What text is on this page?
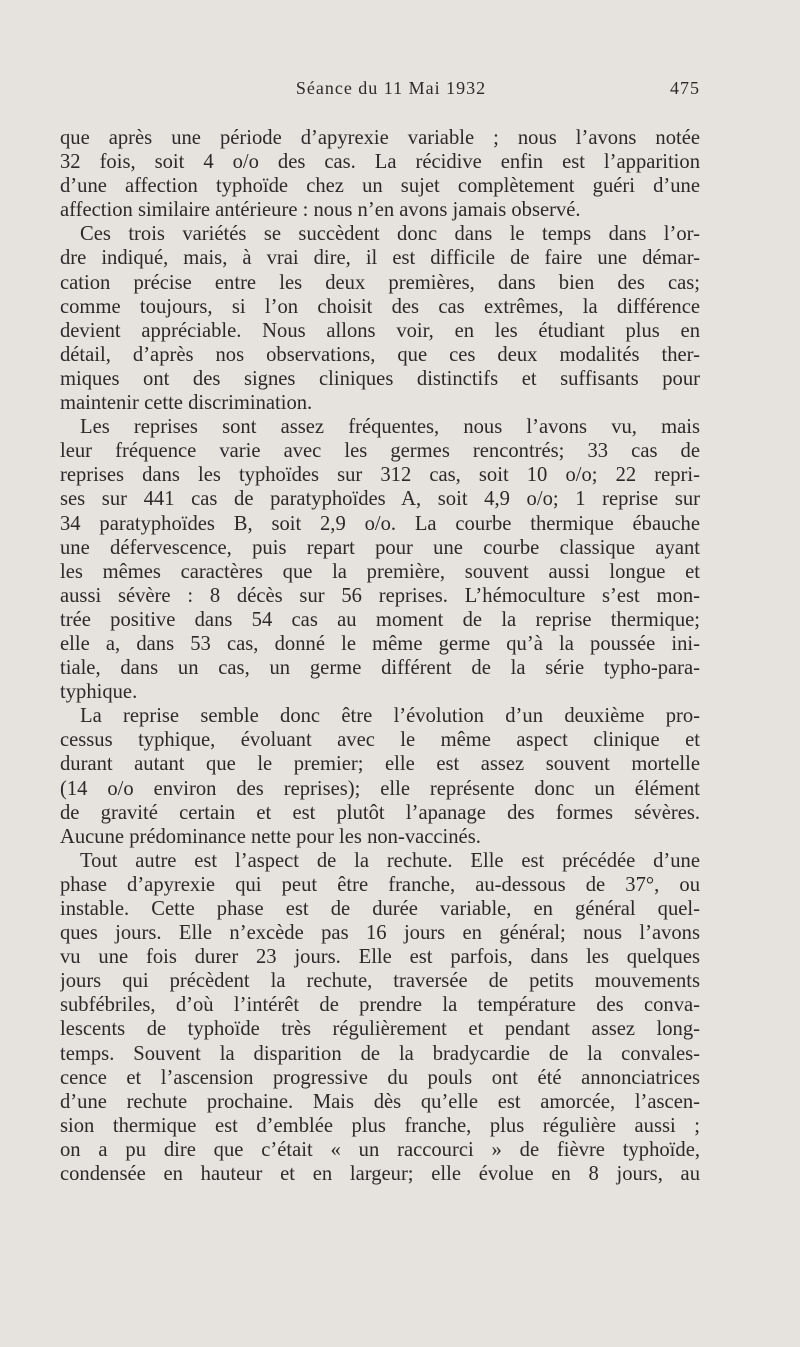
Séance du 11 Mai 1932	475
que après une période d’apyrexie variable ; nous l’avons notée
32 fois, soit 4 o/o des cas. La récidive enfin est l’apparition
d’une affection typhoïde chez un sujet complètement guéri d’une
affection similaire antérieure : nous n’en avons jamais observé.
Ces trois variétés se succèdent donc dans le temps dans l’or-
dre indiqué, mais, à vrai dire, il est difficile de faire une démar-
cation précise entre les deux premières, dans bien des cas;
comme toujours, si l’on choisit des cas extrêmes, la différence
devient appréciable. Nous allons voir, en les étudiant plus en
détail, d’après nos observations, que ces deux modalités ther-
miques ont des signes cliniques distinctifs et suffisants pour
maintenir cette discrimination.
Les reprises sont assez fréquentes, nous l’avons vu, mais
leur fréquence varie avec les germes rencontrés; 33 cas de
reprises dans les typhoïdes sur 312 cas, soit 10 o/o; 22 repri-
ses sur 441 cas de paratyphoïdes A, soit 4,9 o/o; 1 reprise sur
34 paratyphoïdes B, soit 2,9 o/o. La courbe thermique ébauche
une défervescence, puis repart pour une courbe classique ayant
les mêmes caractères que la première, souvent aussi longue et
aussi sévère : 8 décès sur 56 reprises. L’hémoculture s’est mon-
trée positive dans 54 cas au moment de la reprise thermique;
elle a, dans 53 cas, donné le même germe qu’à la poussée ini-
tiale, dans un cas, un germe différent de la série typho-para-
typhique.
La reprise semble donc être l’évolution d’un deuxième pro-
cessus typhique, évoluant avec le même aspect clinique et
durant autant que le premier; elle est assez souvent mortelle
(14 o/o environ des reprises); elle représente donc un élément
de gravité certain et est plutôt l’apanage des formes sévères.
Aucune prédominance nette pour les non-vaccinés.
Tout autre est l’aspect de la rechute. Elle est précédée d’une
phase d’apyrexie qui peut être franche, au-dessous de 37°, ou
instable. Cette phase est de durée variable, en général quel-
ques jours. Elle n’excède pas 16 jours en général; nous l’avons
vu une fois durer 23 jours. Elle est parfois, dans les quelques
jours qui précèdent la rechute, traversée de petits mouvements
subfébriles, d’où l’intérêt de prendre la température des conva-
lescents de typhoïde très régulièrement et pendant assez long-
temps. Souvent la disparition de la bradycardie de la convales-
cence et l’ascension progressive du pouls ont été annonciatrices
d’une rechute prochaine. Mais dès qu’elle est amorcée, l’ascen-
sion thermique est d’emblée plus franche, plus régulière aussi ;
on a pu dire que c’était « un raccourci » de fièvre typhoïde,
condensée en hauteur et en largeur; elle évolue en 8 jours, au
